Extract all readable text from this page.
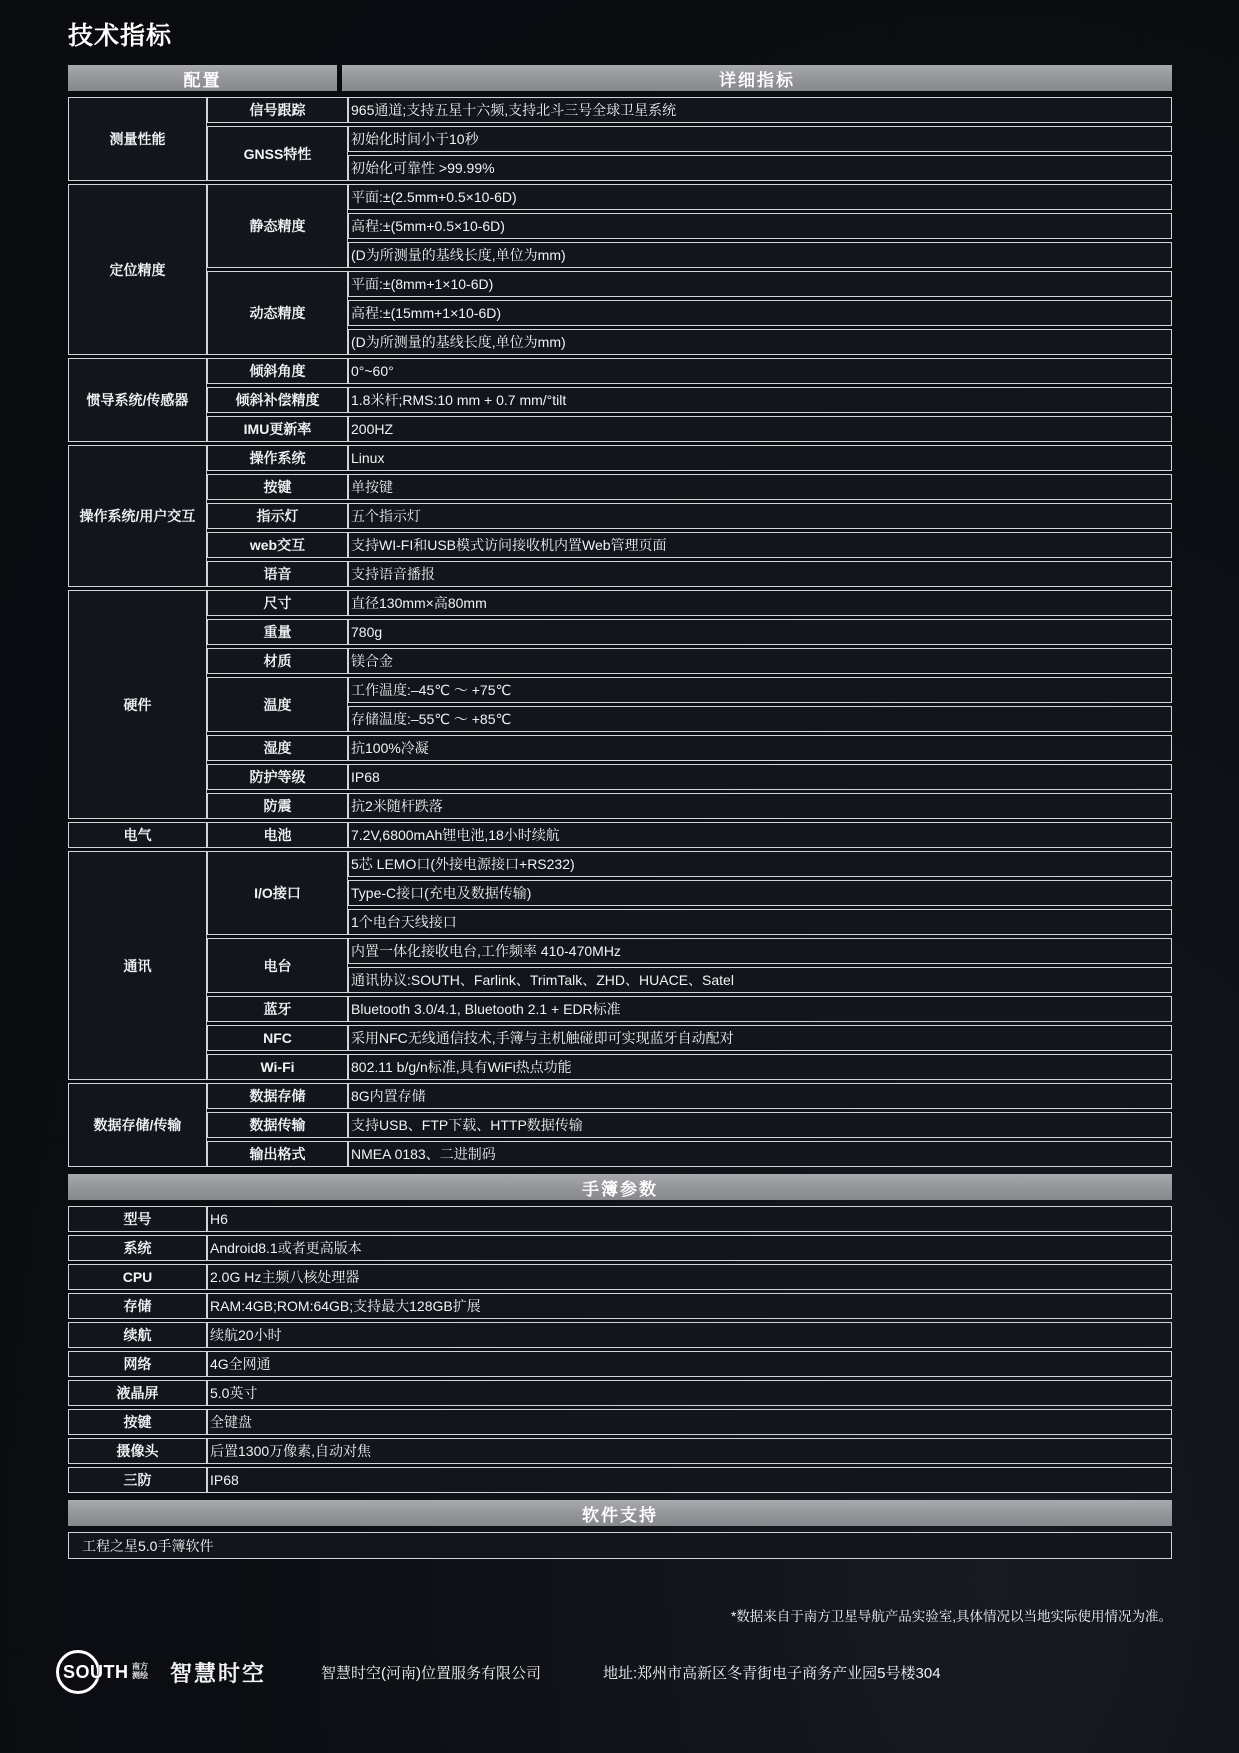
技术指标
配置	详细指标
测量性能	信号跟踪	965通道;支持五星十六频,支持北斗三号全球卫星系统
	GNSS特性	初始化时间小于10秒
		初始化可靠性 >99.99%
定位精度	静态精度	平面:±(2.5mm+0.5×10-6D)
		高程:±(5mm+0.5×10-6D)
		(D为所测量的基线长度,单位为mm)
	动态精度	平面:±(8mm+1×10-6D)
		高程:±(15mm+1×10-6D)
		(D为所测量的基线长度,单位为mm)
惯导系统/传感器	倾斜角度	0°~60°
	倾斜补偿精度	1.8米杆;RMS:10 mm + 0.7 mm/°tilt
	IMU更新率	200HZ
操作系统/用户交互	操作系统	Linux
	按键	单按键
	指示灯	五个指示灯
	web交互	支持WI-FI和USB模式访问接收机内置Web管理页面
	语音	支持语音播报
硬件	尺寸	直径130mm×高80mm
	重量	780g
	材质	镁合金
	温度	工作温度:–45℃ ～ +75℃
		存储温度:–55℃ ～ +85℃
	湿度	抗100%冷凝
	防护等级	IP68
	防震	抗2米随杆跌落
电气	电池	7.2V,6800mAh锂电池,18小时续航
通讯	I/O接口	5芯 LEMO口(外接电源接口+RS232)
		Type-C接口(充电及数据传输)
		1个电台天线接口
	电台	内置一体化接收电台,工作频率 410-470MHz
		通讯协议:SOUTH、Farlink、TrimTalk、ZHD、HUACE、Satel
	蓝牙	Bluetooth 3.0/4.1, Bluetooth 2.1 + EDR标准
	NFC	采用NFC无线通信技术,手簿与主机触碰即可实现蓝牙自动配对
	Wi-Fi	802.11 b/g/n标准,具有WiFi热点功能
数据存储/传输	数据存储	8G内置存储
	数据传输	支持USB、FTP下载、HTTP数据传输
	输出格式	NMEA 0183、二进制码
手簿参数
型号	H6
系统	Android8.1或者更高版本
CPU	2.0G Hz主频八核处理器
存储	RAM:4GB;ROM:64GB;支持最大128GB扩展
续航	续航20小时
网络	4G全网通
液晶屏	5.0英寸
按键	全键盘
摄像头	后置1300万像素,自动对焦
三防	IP68
软件支持
工程之星5.0手簿软件
*数据来自于南方卫星导航产品实验室,具体情况以当地实际使用情况为准。
SOUTH 南方
测绘 智慧时空	智慧时空(河南)位置服务有限公司	地址:郑州市高新区冬青街电子商务产业园5号楼304
